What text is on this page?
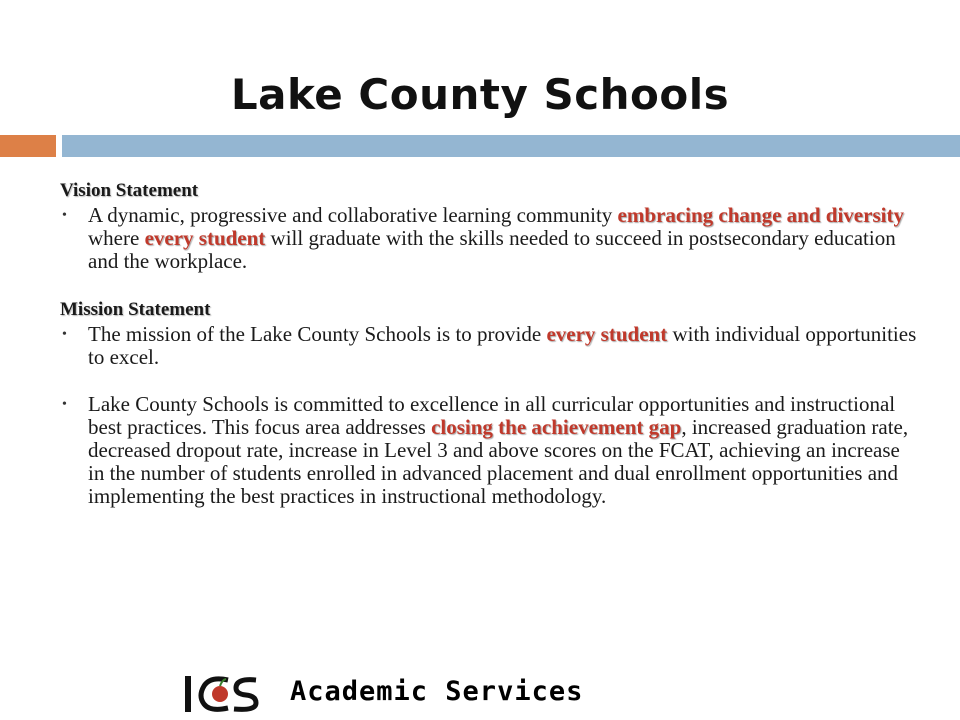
Lake County Schools
Vision Statement

• A dynamic, progressive and collaborative learning community embracing change and diversity where every student will graduate with the skills needed to succeed in postsecondary education and the workplace.

Mission Statement

• The mission of the Lake County Schools is to provide every student with individual opportunities to excel.

• Lake County Schools is committed to excellence in all curricular opportunities and instructional best practices. This focus area addresses closing the achievement gap, increased graduation rate, decreased dropout rate, increase in Level 3 and above scores on the FCAT, achieving an increase in the number of students enrolled in advanced placement and dual enrollment opportunities and implementing the best practices in instructional methodology.

Academic Services
